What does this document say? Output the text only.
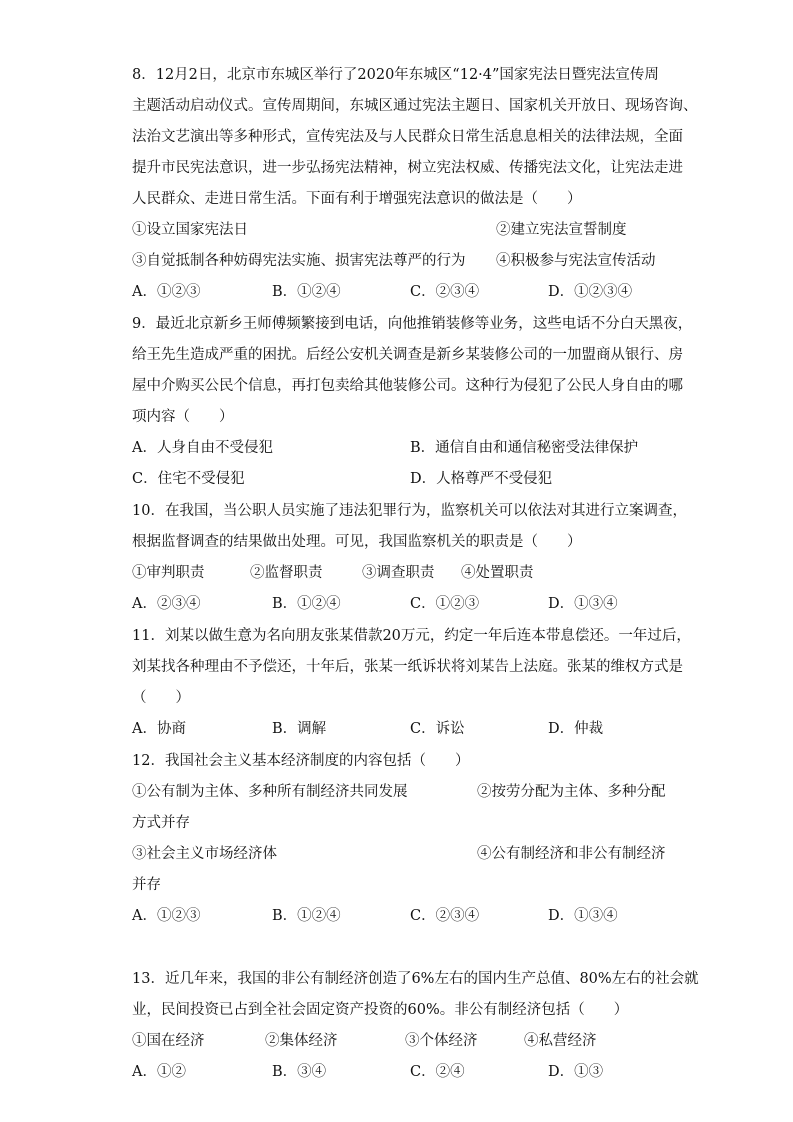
8．12月2日，北京市东城区举行了2020年东城区“12·4”国家宪法日暨宪法宣传周
主题活动启动仪式。宣传周期间，东城区通过宪法主题日、国家机关开放日、现场咨询、
法治文艺演出等多种形式，宣传宪法及与人民群众日常生活息息相关的法律法规，全面
提升市民宪法意识，进一步弘扬宪法精神，树立宪法权威、传播宪法文化，让宪法走进
人民群众、走进日常生活。下面有利于增强宪法意识的做法是（　　）
①设立国家宪法日	②建立宪法宣誓制度
③自觉抵制各种妨碍宪法实施、损害宪法尊严的行为 ④积极参与宪法宣传活动
A．①②③	B．①②④	C．②③④	D．①②③④
9．最近北京新乡王师傅频繁接到电话，向他推销装修等业务，这些电话不分白天黑夜，
给王先生造成严重的困扰。后经公安机关调查是新乡某装修公司的一加盟商从银行、房
屋中介购买公民个信息，再打包卖给其他装修公司。这种行为侵犯了公民人身自由的哪
项内容（　　）
A．人身自由不受侵犯	B．通信自由和通信秘密受法律保护
C．住宅不受侵犯	D．人格尊严不受侵犯
10．在我国，当公职人员实施了违法犯罪行为，监察机关可以依法对其进行立案调查，
根据监督调查的结果做出处理。可见，我国监察机关的职责是（　　）
①审判职责	②监督职责	③调查职责 ④处置职责
A．②③④	B．①②④	C．①②③	D．①③④
11．刘某以做生意为名向朋友张某借款20万元，约定一年后连本带息偿还。一年过后，
刘某找各种理由不予偿还，十年后，张某一纸诉状将刘某告上法庭。张某的维权方式是
（　　）
A．协商	B．调解	C．诉讼	D．仲裁
12．我国社会主义基本经济制度的内容包括（　　）
①公有制为主体、多种所有制经济共同发展	②按劳分配为主体、多种分配
方式并存
③社会主义市场经济体	④公有制经济和非公有制经济
并存
A．①②③	B．①②④	C．②③④	D．①③④
13．近几年来，我国的非公有制经济创造了6%左右的国内生产总值、80%左右的社会就
业，民间投资已占到全社会固定资产投资的60%。非公有制经济包括（　　）
①国在经济	②集体经济	③个体经济	④私营经济
A．①②	B．③④	C．②④	D．①③
